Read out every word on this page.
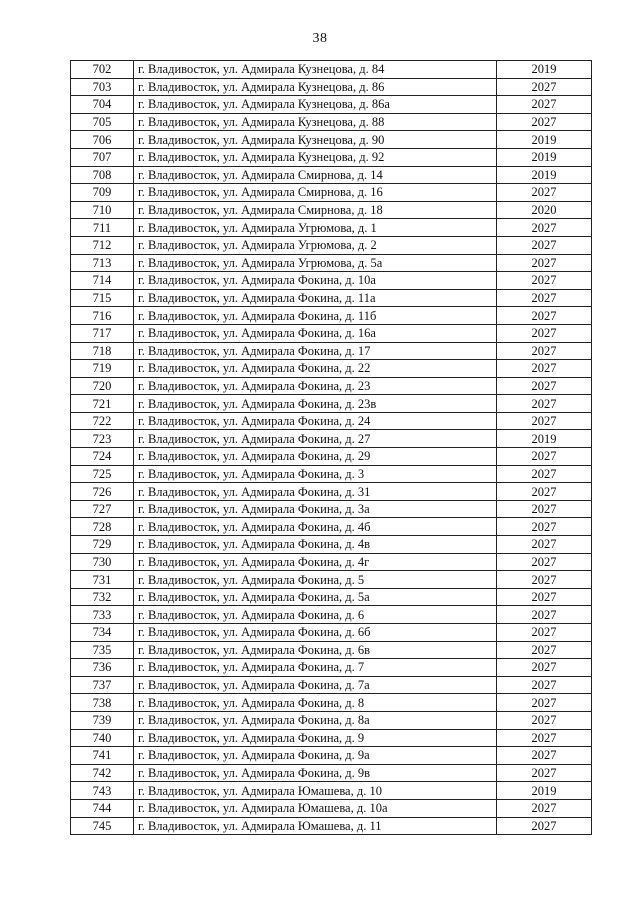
38
702	г. Владивосток, ул. Адмирала Кузнецова, д. 84	2019
703	г. Владивосток, ул. Адмирала Кузнецова, д. 86	2027
704	г. Владивосток, ул. Адмирала Кузнецова, д. 86а	2027
705	г. Владивосток, ул. Адмирала Кузнецова, д. 88	2027
706	г. Владивосток, ул. Адмирала Кузнецова, д. 90	2019
707	г. Владивосток, ул. Адмирала Кузнецова, д. 92	2019
708	г. Владивосток, ул. Адмирала Смирнова, д. 14	2019
709	г. Владивосток, ул. Адмирала Смирнова, д. 16	2027
710	г. Владивосток, ул. Адмирала Смирнова, д. 18	2020
711	г. Владивосток, ул. Адмирала Угрюмова, д. 1	2027
712	г. Владивосток, ул. Адмирала Угрюмова, д. 2	2027
713	г. Владивосток, ул. Адмирала Угрюмова, д. 5а	2027
714	г. Владивосток, ул. Адмирала Фокина, д. 10а	2027
715	г. Владивосток, ул. Адмирала Фокина, д. 11а	2027
716	г. Владивосток, ул. Адмирала Фокина, д. 11б	2027
717	г. Владивосток, ул. Адмирала Фокина, д. 16а	2027
718	г. Владивосток, ул. Адмирала Фокина, д. 17	2027
719	г. Владивосток, ул. Адмирала Фокина, д. 22	2027
720	г. Владивосток, ул. Адмирала Фокина, д. 23	2027
721	г. Владивосток, ул. Адмирала Фокина, д. 23в	2027
722	г. Владивосток, ул. Адмирала Фокина, д. 24	2027
723	г. Владивосток, ул. Адмирала Фокина, д. 27	2019
724	г. Владивосток, ул. Адмирала Фокина, д. 29	2027
725	г. Владивосток, ул. Адмирала Фокина, д. 3	2027
726	г. Владивосток, ул. Адмирала Фокина, д. 31	2027
727	г. Владивосток, ул. Адмирала Фокина, д. 3а	2027
728	г. Владивосток, ул. Адмирала Фокина, д. 4б	2027
729	г. Владивосток, ул. Адмирала Фокина, д. 4в	2027
730	г. Владивосток, ул. Адмирала Фокина, д. 4г	2027
731	г. Владивосток, ул. Адмирала Фокина, д. 5	2027
732	г. Владивосток, ул. Адмирала Фокина, д. 5а	2027
733	г. Владивосток, ул. Адмирала Фокина, д. 6	2027
734	г. Владивосток, ул. Адмирала Фокина, д. 6б	2027
735	г. Владивосток, ул. Адмирала Фокина, д. 6в	2027
736	г. Владивосток, ул. Адмирала Фокина, д. 7	2027
737	г. Владивосток, ул. Адмирала Фокина, д. 7а	2027
738	г. Владивосток, ул. Адмирала Фокина, д. 8	2027
739	г. Владивосток, ул. Адмирала Фокина, д. 8а	2027
740	г. Владивосток, ул. Адмирала Фокина, д. 9	2027
741	г. Владивосток, ул. Адмирала Фокина, д. 9а	2027
742	г. Владивосток, ул. Адмирала Фокина, д. 9в	2027
743	г. Владивосток, ул. Адмирала Юмашева, д. 10	2019
744	г. Владивосток, ул. Адмирала Юмашева, д. 10а	2027
745	г. Владивосток, ул. Адмирала Юмашева, д. 11	2027
